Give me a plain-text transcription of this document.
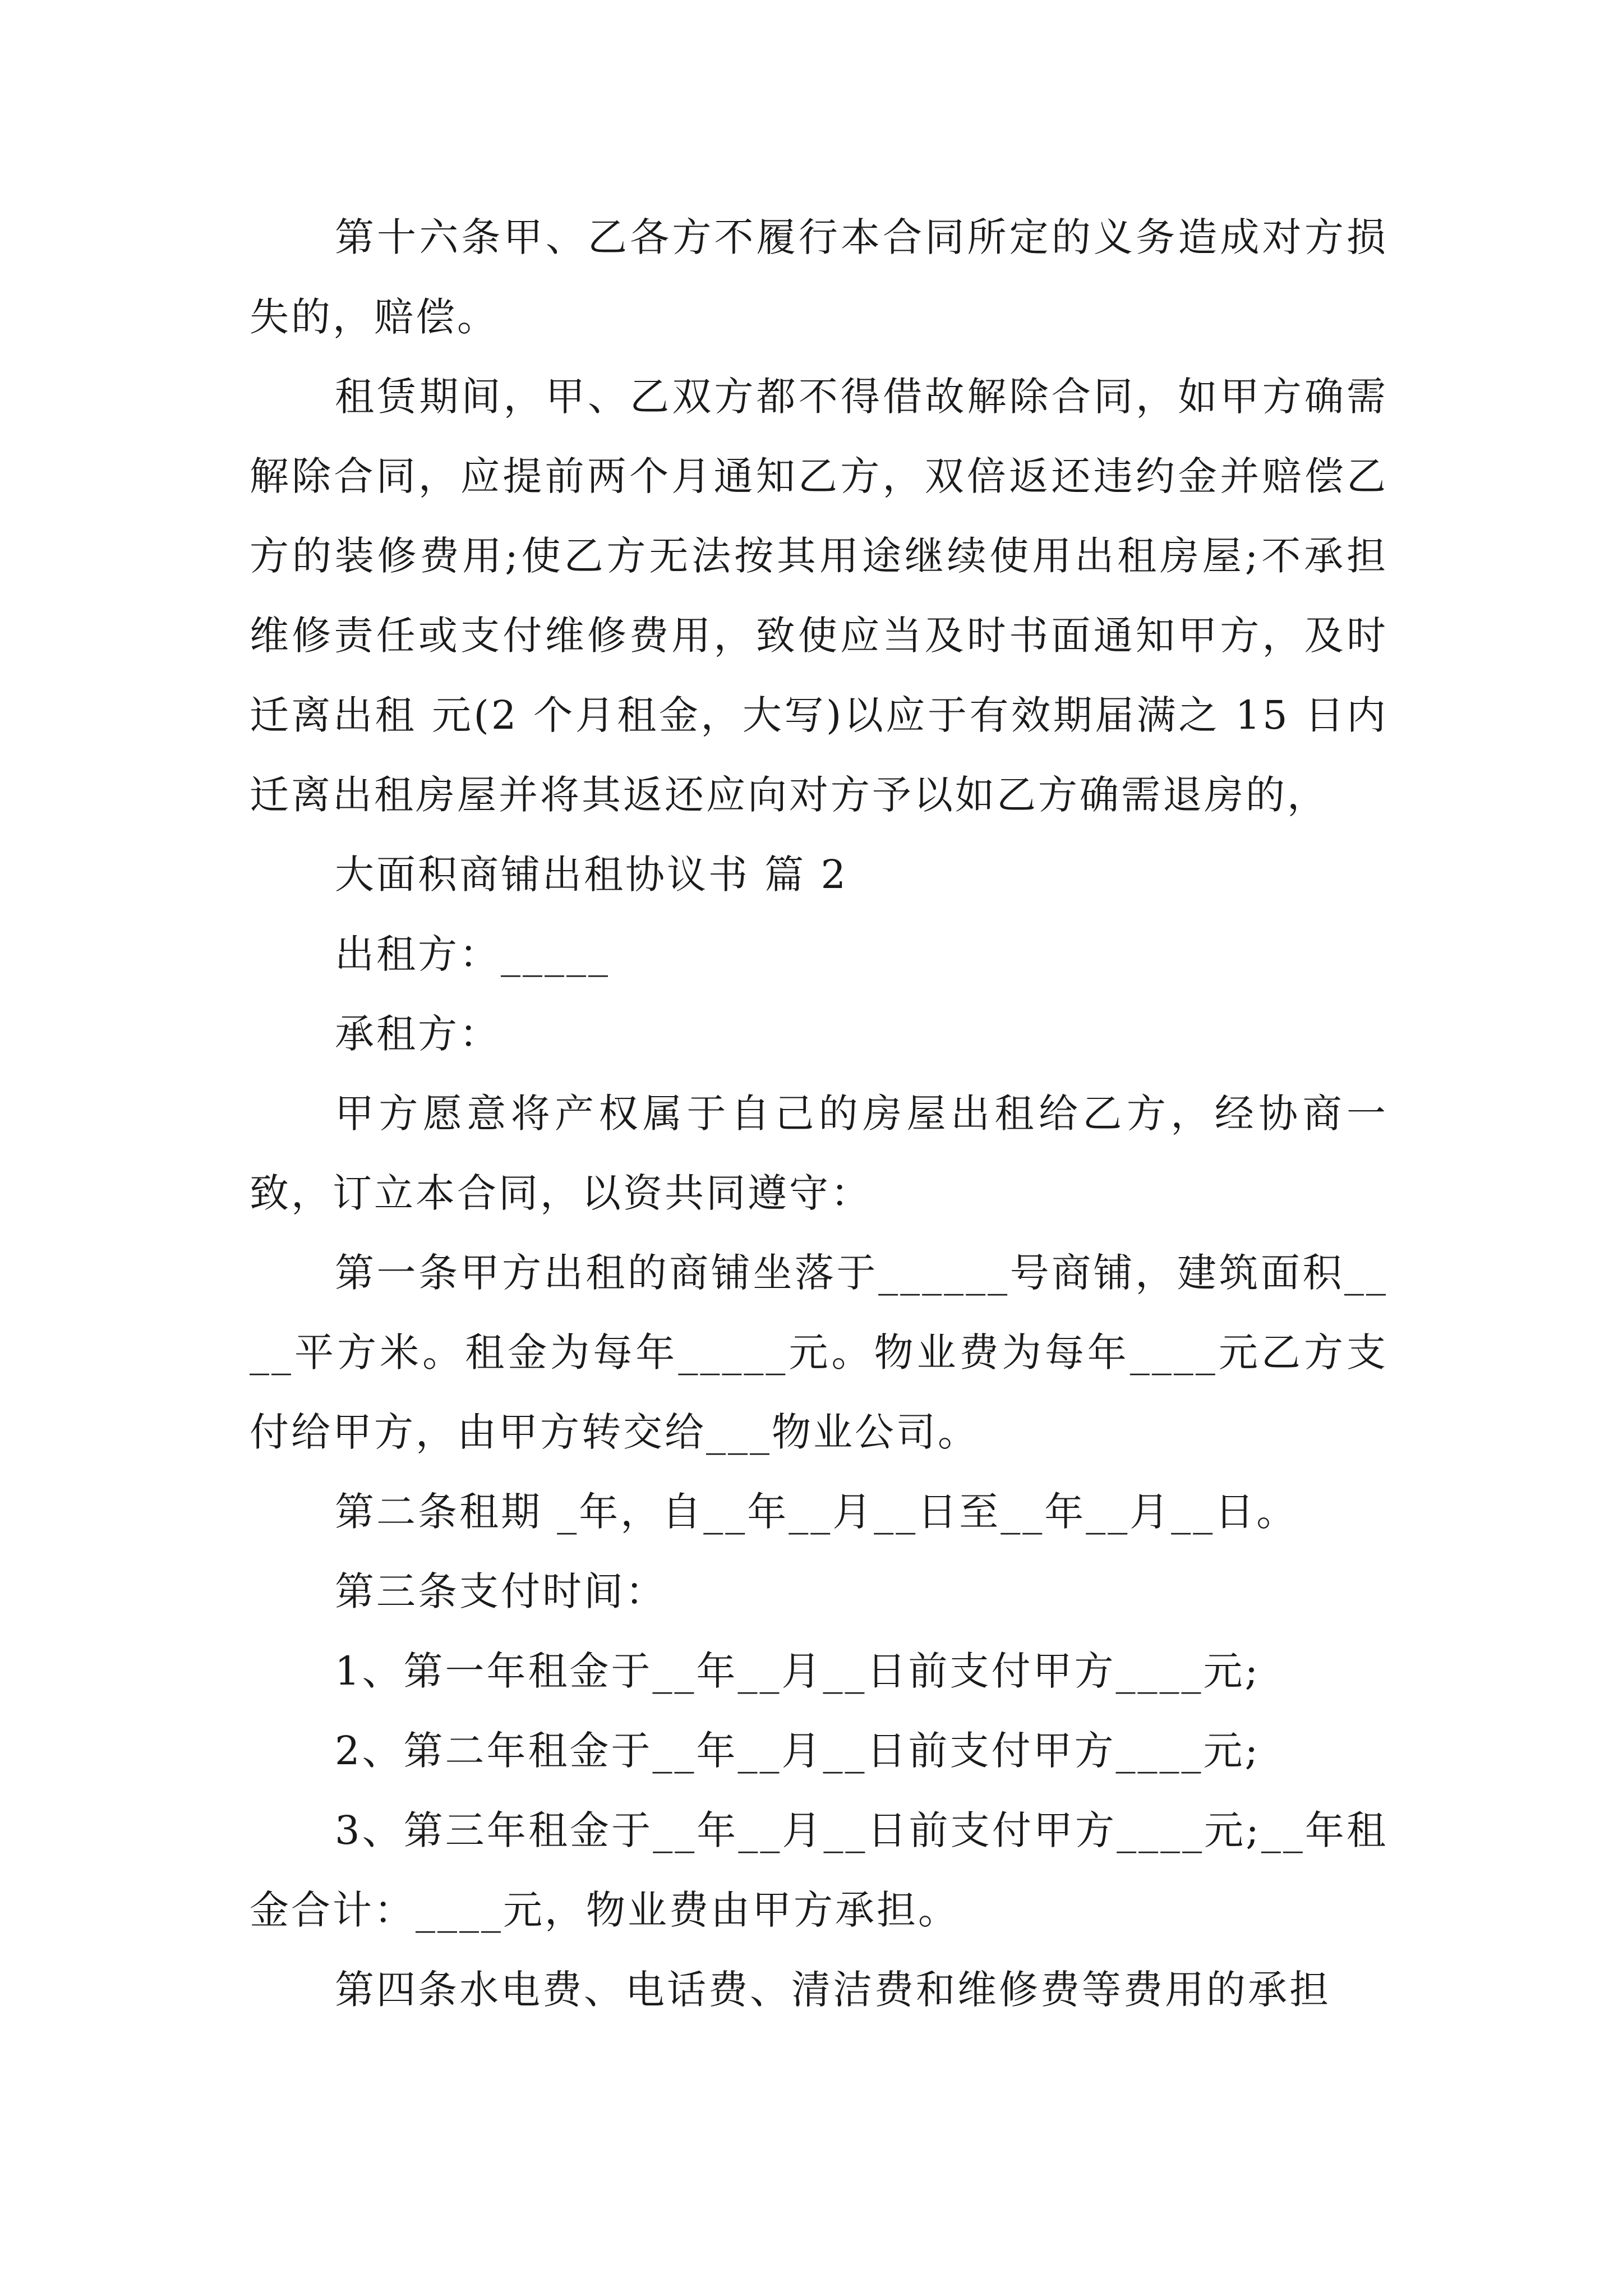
第十六条甲、乙各方不履行本合同所定的义务造成对方损失的，赔偿。

租赁期间，甲、乙双方都不得借故解除合同，如甲方确需解除合同，应提前两个月通知乙方，双倍返还违约金并赔偿乙方的装修费用;使乙方无法按其用途继续使用出租房屋;不承担维修责任或支付维修费用，致使应当及时书面通知甲方，及时迁离出租 元(2 个月租金，大写)以应于有效期届满之 15 日内迁离出租房屋并将其返还应向对方予以如乙方确需退房的，

大面积商铺出租协议书 篇 2

出租方：_____

承租方：

甲方愿意将产权属于自己的房屋出租给乙方，经协商一致，订立本合同，以资共同遵守：

第一条甲方出租的商铺坐落于______号商铺，建筑面积____平方米。租金为每年_____元。物业费为每年____元乙方支付给甲方，由甲方转交给___物业公司。

第二条租期 _年，自__年__月__日至__年__月__日。

第三条支付时间：

1、第一年租金于__年__月__日前支付甲方____元;

2、第二年租金于__年__月__日前支付甲方____元;

3、第三年租金于__年__月__日前支付甲方____元;__年租金合计：____元，物业费由甲方承担。

第四条水电费、电话费、清洁费和维修费等费用的承担
